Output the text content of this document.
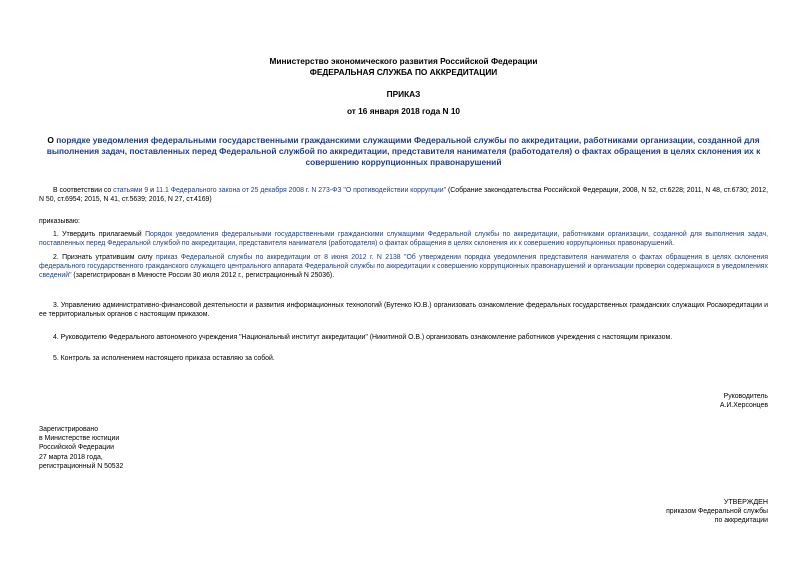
Министерство экономического развития Российской Федерации
ФЕДЕРАЛЬНАЯ СЛУЖБА ПО АККРЕДИТАЦИИ
ПРИКАЗ
от 16 января 2018 года N 10
О порядке уведомления федеральными государственными гражданскими служащими Федеральной службы по аккредитации, работниками организации, созданной для выполнения задач, поставленных перед Федеральной службой по аккредитации, представителя нанимателя (работодателя) о фактах обращения в целях склонения их к совершению коррупционных правонарушений
В соответствии со статьями 9 и 11.1 Федерального закона от 25 декабря 2008 г. N 273-ФЗ "О противодействии коррупции" (Собрание законодательства Российской Федерации, 2008, N 52, ст.6228; 2011, N 48, ст.6730; 2012, N 50, ст.6954; 2015, N 41, ст.5639; 2016, N 27, ст.4169)
приказываю:
1. Утвердить прилагаемый Порядок уведомления федеральными государственными гражданскими служащими Федеральной службы по аккредитации, работниками организации, созданной для выполнения задач, поставленных перед Федеральной службой по аккредитации, представителя нанимателя (работодателя) о фактах обращения в целях склонения их к совершению коррупционных правонарушений.
2. Признать утратившим силу приказ Федеральной службы по аккредитации от 8 июня 2012 г. N 2138 "Об утверждении порядка уведомления представителя нанимателя о фактах обращения в целях склонения федерального государственного гражданского служащего центрального аппарата Федеральной службы по аккредитации к совершению коррупционных правонарушений и организации проверки содержащихся в уведомлениях сведений" (зарегистрирован в Минюсте России 30 июля 2012 г., регистрационный N 25036).
3. Управлению административно-финансовой деятельности и развития информационных технологий (Бутенко Ю.В.) организовать ознакомление федеральных государственных гражданских служащих Росаккредитации и ее территориальных органов с настоящим приказом.
4. Руководителю Федерального автономного учреждения "Национальный институт аккредитации" (Никитиной О.В.) организовать ознакомление работников учреждения с настоящим приказом.
5. Контроль за исполнением настоящего приказа оставляю за собой.
Руководитель
А.И.Херсонцев
Зарегистрировано
в Министерстве юстиции
Российской Федерации
27 марта 2018 года,
регистрационный N 50532
УТВЕРЖДЕН
приказом Федеральной службы
по аккредитации
